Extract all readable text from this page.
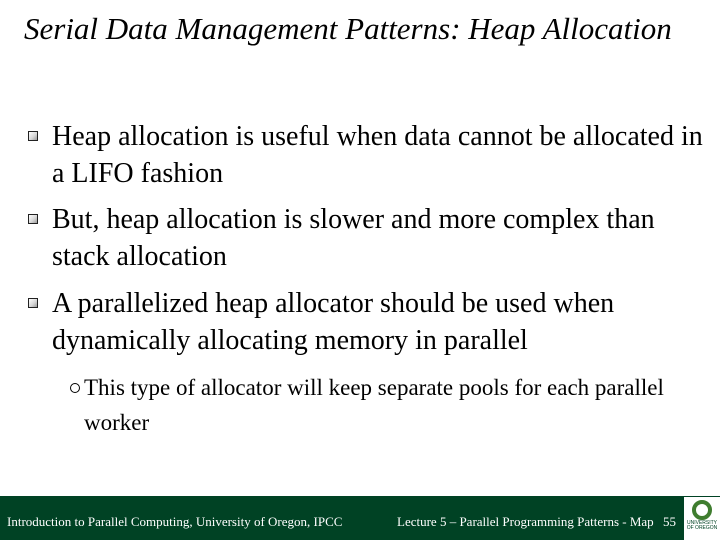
Serial Data Management Patterns: Heap Allocation
Heap allocation is useful when data cannot be allocated in a LIFO fashion
But, heap allocation is slower and more complex than stack allocation
A parallelized heap allocator should be used when dynamically allocating memory in parallel
This type of allocator will keep separate pools for each parallel worker
Introduction to Parallel Computing, University of Oregon, IPCC	Lecture 5 – Parallel Programming Patterns - Map 55 UNIVERSITY OF OREGON
